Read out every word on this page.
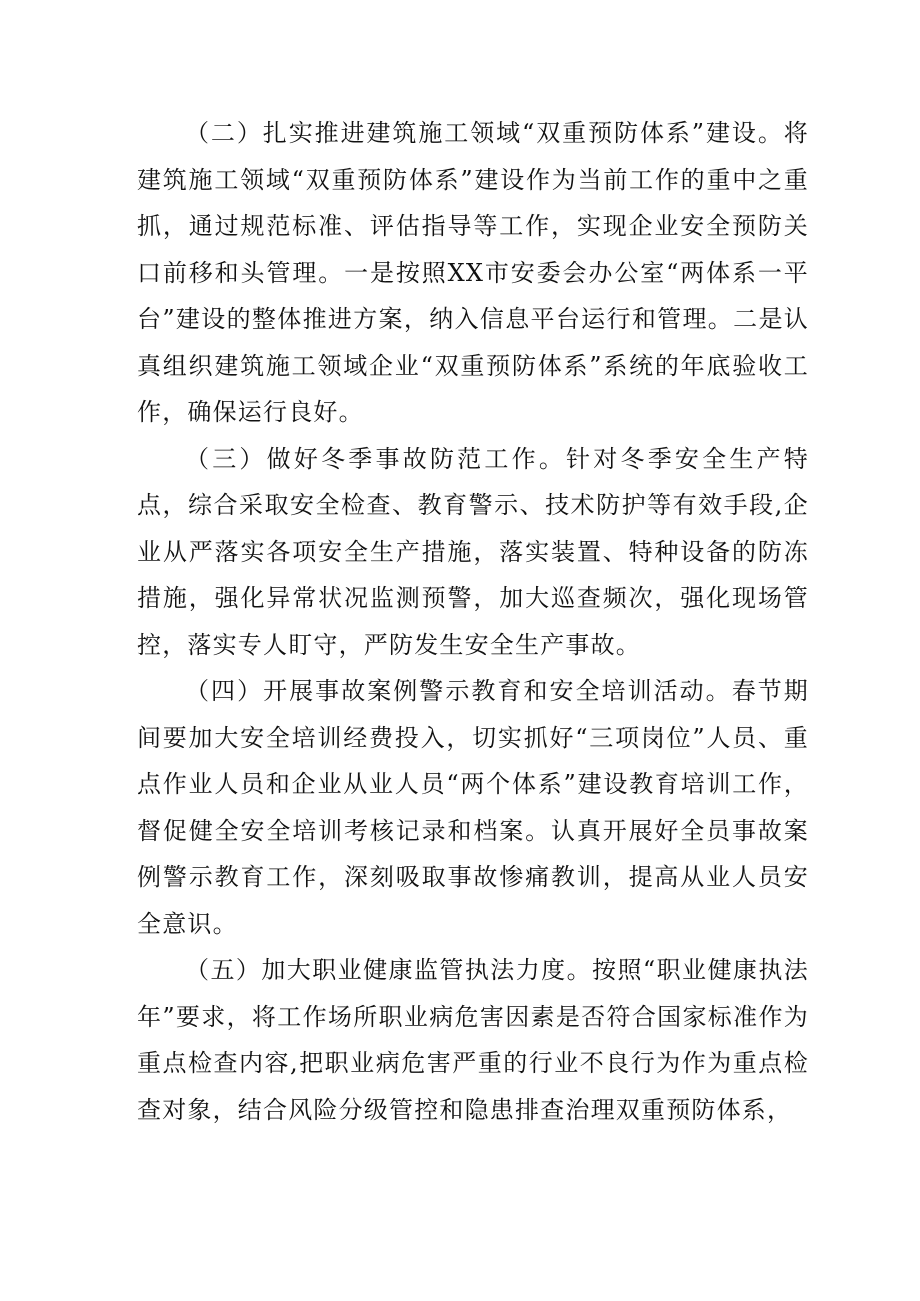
（二）扎实推进建筑施工领域“双重预防体系”建设。将建筑施工领域“双重预防体系”建设作为当前工作的重中之重抓，通过规范标准、评估指导等工作，实现企业安全预防关口前移和头管理。一是按照XX市安委会办公室“两体系一平台”建设的整体推进方案，纳入信息平台运行和管理。二是认真组织建筑施工领域企业“双重预防体系”系统的年底验收工作，确保运行良好。

（三）做好冬季事故防范工作。针对冬季安全生产特点，综合采取安全检查、教育警示、技术防护等有效手段,企业从严落实各项安全生产措施，落实装置、特种设备的防冻措施，强化异常状况监测预警，加大巡查频次，强化现场管控，落实专人盯守，严防发生安全生产事故。

（四）开展事故案例警示教育和安全培训活动。春节期间要加大安全培训经费投入，切实抓好“三项岗位”人员、重点作业人员和企业从业人员“两个体系”建设教育培训工作，督促健全安全培训考核记录和档案。认真开展好全员事故案例警示教育工作，深刻吸取事故惨痛教训，提高从业人员安全意识。

（五）加大职业健康监管执法力度。按照“职业健康执法年”要求，将工作场所职业病危害因素是否符合国家标准作为重点检查内容,把职业病危害严重的行业不良行为作为重点检查对象，结合风险分级管控和隐患排查治理双重预防体系，
